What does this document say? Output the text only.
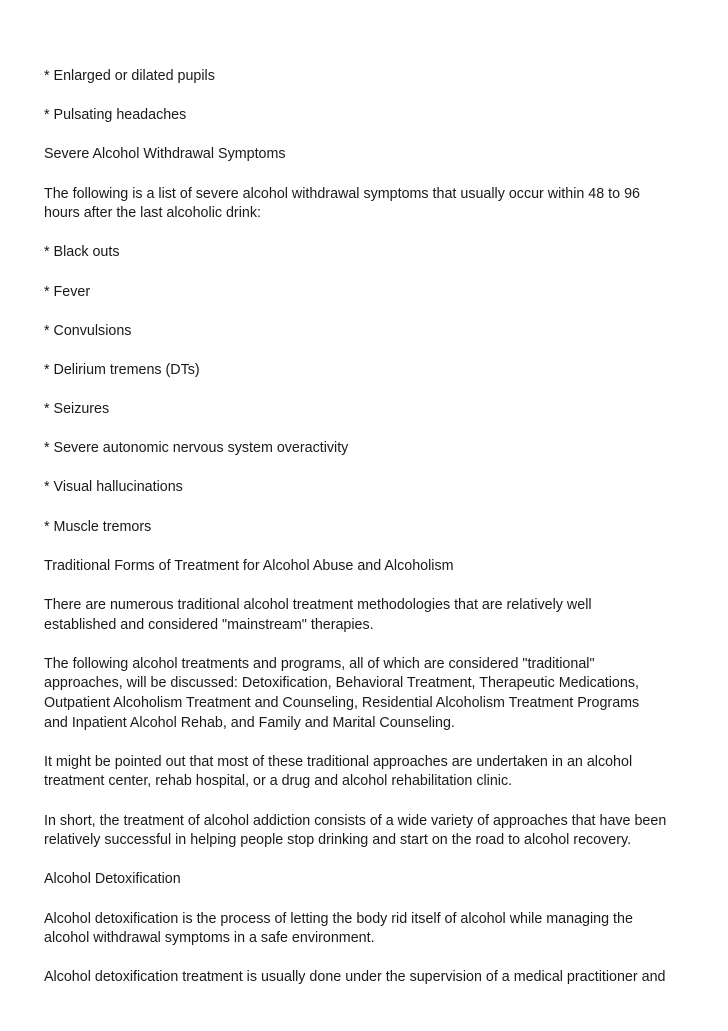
* Enlarged or dilated pupils
* Pulsating headaches
Severe Alcohol Withdrawal Symptoms
The following is a list of severe alcohol withdrawal symptoms that usually occur within 48 to 96
hours after the last alcoholic drink:
* Black outs
* Fever
* Convulsions
* Delirium tremens (DTs)
* Seizures
* Severe autonomic nervous system overactivity
* Visual hallucinations
* Muscle tremors
Traditional Forms of Treatment for Alcohol Abuse and Alcoholism
There are numerous traditional alcohol treatment methodologies that are relatively well
established and considered "mainstream" therapies.
The following alcohol treatments and programs, all of which are considered "traditional"
approaches, will be discussed: Detoxification, Behavioral Treatment, Therapeutic Medications,
Outpatient Alcoholism Treatment and Counseling, Residential Alcoholism Treatment Programs
and Inpatient Alcohol Rehab, and Family and Marital Counseling.
It might be pointed out that most of these traditional approaches are undertaken in an alcohol
treatment center, rehab hospital, or a drug and alcohol rehabilitation clinic.
In short, the treatment of alcohol addiction consists of a wide variety of approaches that have been
relatively successful in helping people stop drinking and start on the road to alcohol recovery.
Alcohol Detoxification
Alcohol detoxification is the process of letting the body rid itself of alcohol while managing the
alcohol withdrawal symptoms in a safe environment.
Alcohol detoxification treatment is usually done under the supervision of a medical practitioner and
